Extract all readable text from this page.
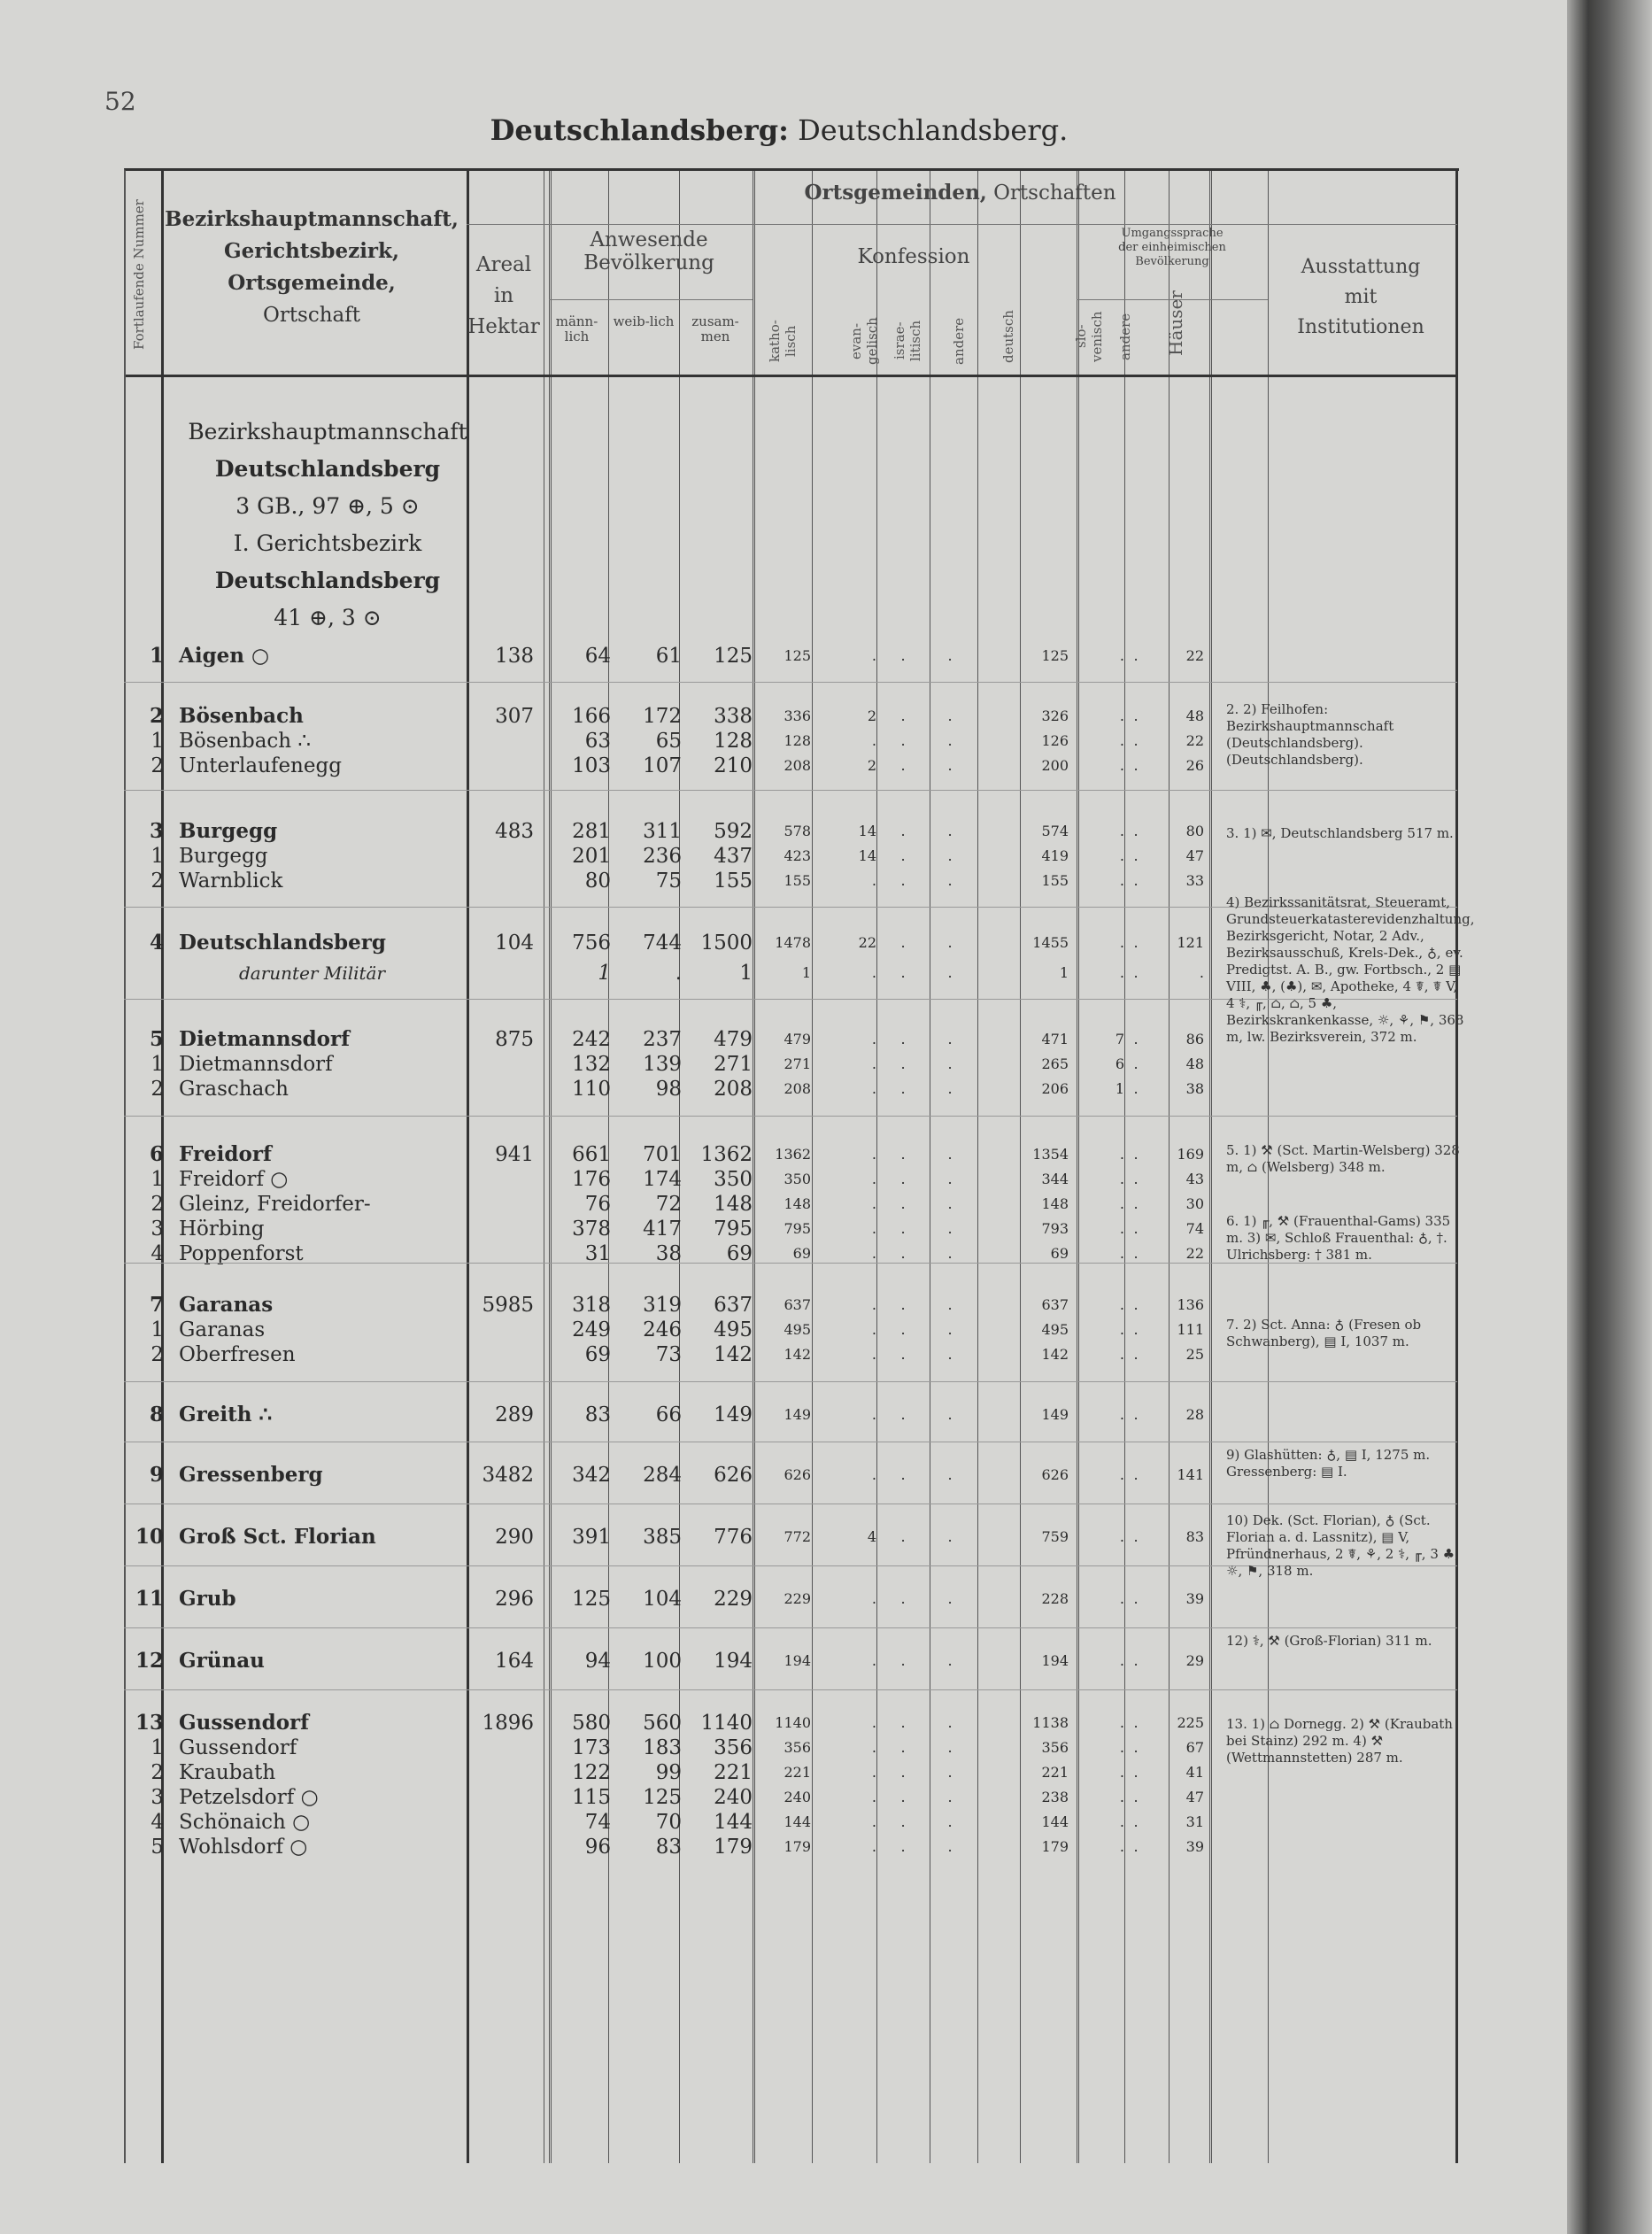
52
Deutschlandsberg: Deutschlandsberg.
Fortlaufende Nummer Bezirkshauptmannschaft,
Gerichtsbezirk,
Ortsgemeinde,
Ortschaft
Ortsgemeinden, Ortschaften
Areal
in
Hektar
Anwesende
Bevölkerung
männ-lich
weib-lich	zusam-men
Konfession
katho-lisch	evan-gelisch israe-litisch andere
Umgangssprache
der einheimischen
Bevölkerung
deutsch	slo-venisch andere Häuser
Ausstattung
mit
Institutionen
Bezirkshauptmannschaft
Deutschlandsberg
3 GB., 97 ⊕, 5 ⊙
I. Gerichtsbezirk
Deutschlandsberg
41 ⊕, 3 ⊙
1 Aigen ○	138	64	61	125	125	.	.	.	125	. .	22
2 Bösenbach	307	166	172	338	336	2	.	.	326	. .	48
1 Bösenbach ∴	63	65	128	128	.	.	.	126	. .	22
2 Unterlaufenegg	103	107	210	208	2	.	.	200	. .	26
3 Burgegg	483	281	311	592	578	14	.	.	574	. .	80
1 Burgegg	201	236	437	423	14	.	.	419	. .	47
2 Warnblick	80	75	155	155	.	.	.	155	. .	33
4 Deutschlandsberg	104	756	744 1500	1478	22	.	.	1455	. .	121
darunter Militär	1	.	1	1	.	.	.	1	. .	.
5 Dietmannsdorf	875	242	237	479	479	.	.	.	471	7 .	86
1 Dietmannsdorf	132	139	271	271	.	.	.	265	6 .	48
2 Graschach	110	98	208	208	.	.	.	206	1 .	38
6 Freidorf	941	661	701 1362	1362	.	.	.	1354	. .	169
1 Freidorf ○	176	174	350	350	.	.	.	344	. .	43
2 Gleinz, Freidorfer-	76	72	148	148	.	.	.	148	. .	30
3 Hörbing	378	417	795	795	.	.	.	793	. .	74
4 Poppenforst	31	38	69	69	.	.	.	69	. .	22
7 Garanas	5985	318	319	637	637	.	.	.	637	. .	136
1 Garanas	249	246	495	495	.	.	.	495	. .	111
2 Oberfresen	69	73	142	142	.	.	.	142	. .	25
8 Greith ∴	289	83	66	149	149	.	.	.	149	. .	28
9 Gressenberg	3482	342	284	626	626	.	.	.	626	. .	141
10 Groß Sct. Florian	290	391	385	776	772	4	.	.	759	. .	83
11 Grub	296	125	104	229	229	.	.	.	228	. .	39
12 Grünau	164	94	100	194	194	.	.	.	194	. .	29
13 Gussendorf	1896	580	560 1140	1140	.	.	.	1138	. .	225
1 Gussendorf	173	183	356	356	.	.	.	356	. .	67
2 Kraubath	122	99	221	221	.	.	.	221	. .	41
3 Petzelsdorf ○	115	125	240	240	.	.	.	238	. .	47
4 Schönaich ○	74	70	144	144	.	.	.	144	. .	31
5 Wohlsdorf ○	96	83	179	179	.	.	.	179	. .	39
2. 2) Feilhofen: Bezirkshauptmannschaft (Deutschlandsberg). (Deutschlandsberg).
3. 1) ✉, Deutschlandsberg 517 m.
4) Bezirkssanitätsrat, Steueramt, Grundsteuerkatasterevidenzhaltung, Bezirksgericht, Notar, 2 Adv., Bezirksausschuß, Krels-Dek., ♁, ev. Predigtst. A. B., gw. Fortbsch., 2 ▤ VIII, ♣, (♣), ✉, Apotheke, 4 ☤, ☤ V, 4 ⚕, ╓, ⌂, ⌂, 5 ♣, Bezirkskrankenkasse, ☼, ⚘, ⚑, 368 m, lw. Bezirksverein, 372 m.
5. 1) ⚒ (Sct. Martin-Welsberg) 328 m, ⌂ (Welsberg) 348 m.
6. 1) ╓, ⚒ (Frauenthal-Gams) 335 m. 3) ✉, Schloß Frauenthal: ♁, †. Ulrichsberg: † 381 m.
7. 2) Sct. Anna: ♁ (Fresen ob Schwanberg), ▤ I, 1037 m.
9) Glashütten: ♁, ▤ I, 1275 m. Gressenberg: ▤ I.
10) Dek. (Sct. Florian), ♁ (Sct. Florian a. d. Lassnitz), ▤ V, Pfründnerhaus, 2 ☤, ⚘, 2 ⚕, ╓, 3 ♣, ☼, ⚑, 318 m.
12) ⚕, ⚒ (Groß-Florian) 311 m.
13. 1) ⌂ Dornegg. 2) ⚒ (Kraubath bei Stainz) 292 m. 4) ⚒ (Wettmannstetten) 287 m.
